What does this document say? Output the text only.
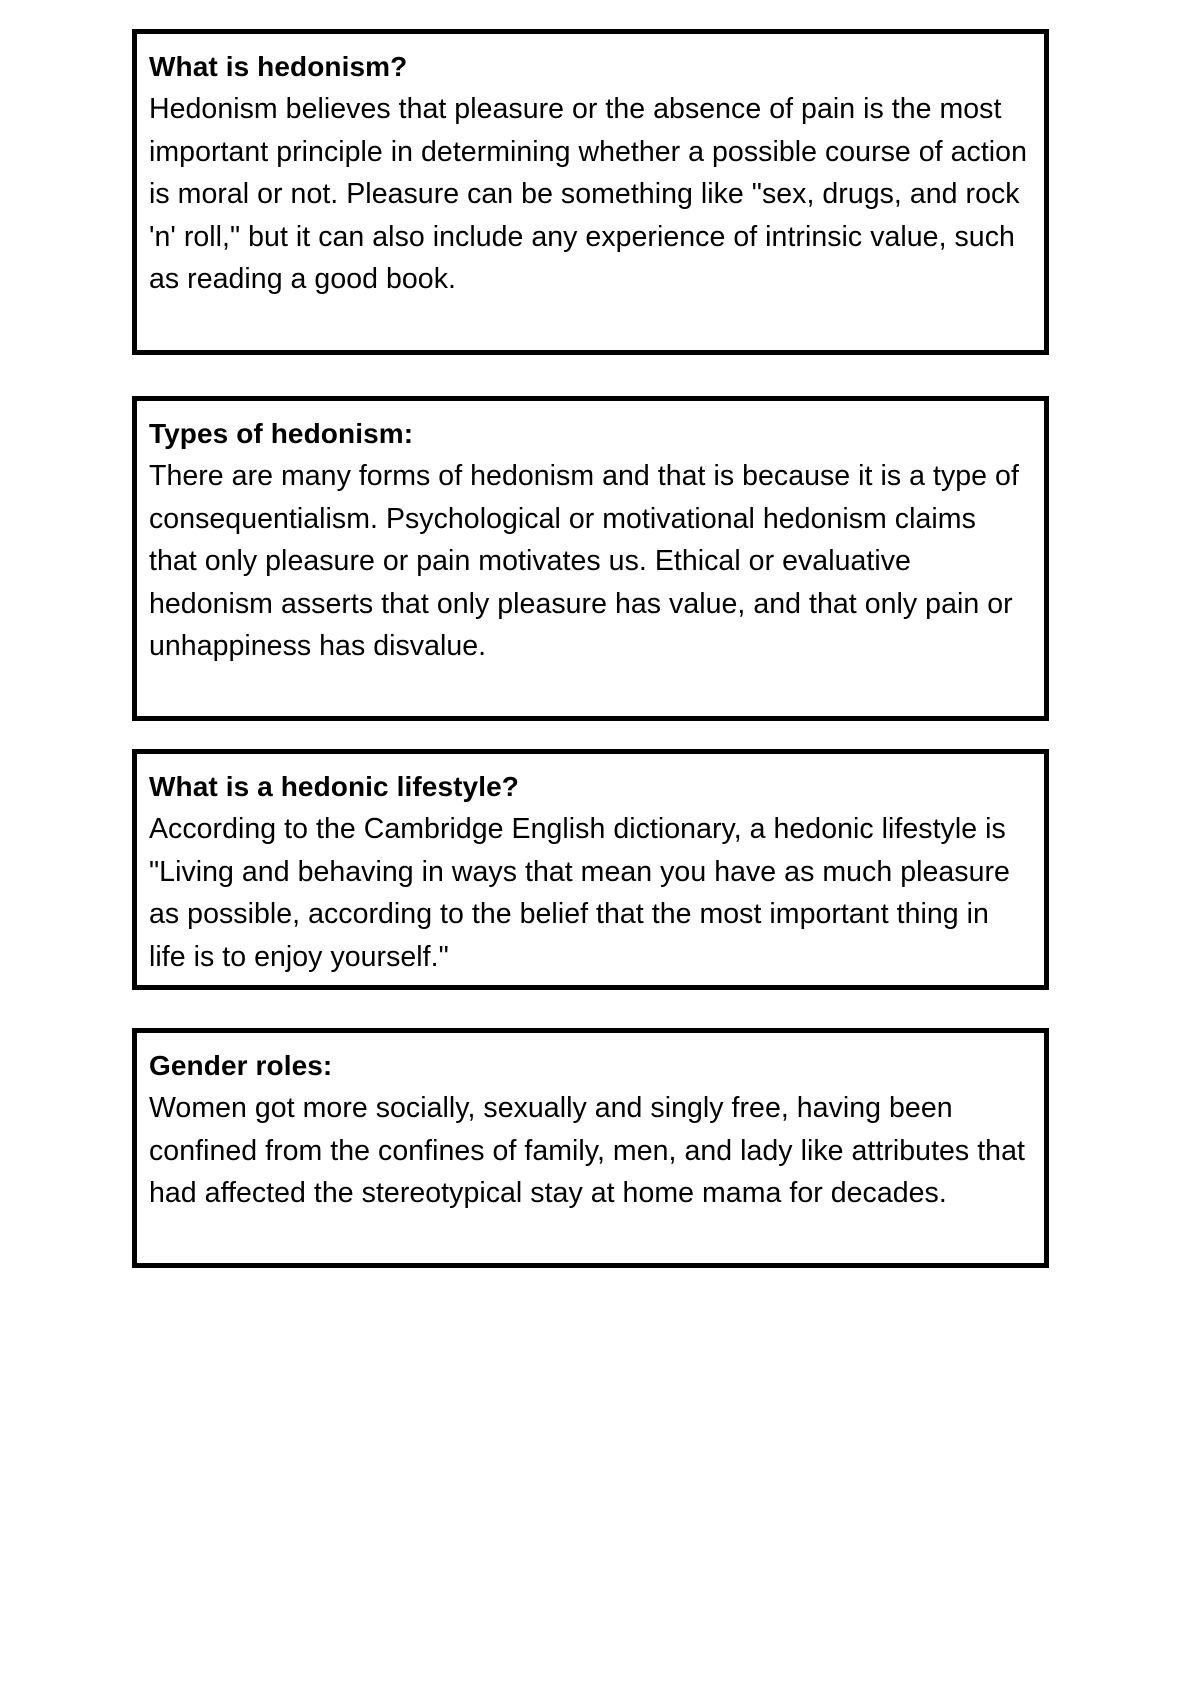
What is hedonism?

Hedonism believes that pleasure or the absence of pain is the most important principle in determining whether a possible course of action is moral or not. Pleasure can be something like "sex, drugs, and rock 'n' roll," but it can also include any experience of intrinsic value, such as reading a good book.

Types of hedonism:

There are many forms of hedonism and that is because it is a type of consequentialism. Psychological or motivational hedonism claims that only pleasure or pain motivates us. Ethical or evaluative hedonism asserts that only pleasure has value, and that only pain or unhappiness has disvalue.

What is a hedonic lifestyle?

According to the Cambridge English dictionary, a hedonic lifestyle is "Living and behaving in ways that mean you have as much pleasure as possible, according to the belief that the most important thing in life is to enjoy yourself."

Gender roles:

Women got more socially, sexually and singly free, having been confined from the confines of family, men, and lady like attributes that had affected the stereotypical stay at home mama for decades.
